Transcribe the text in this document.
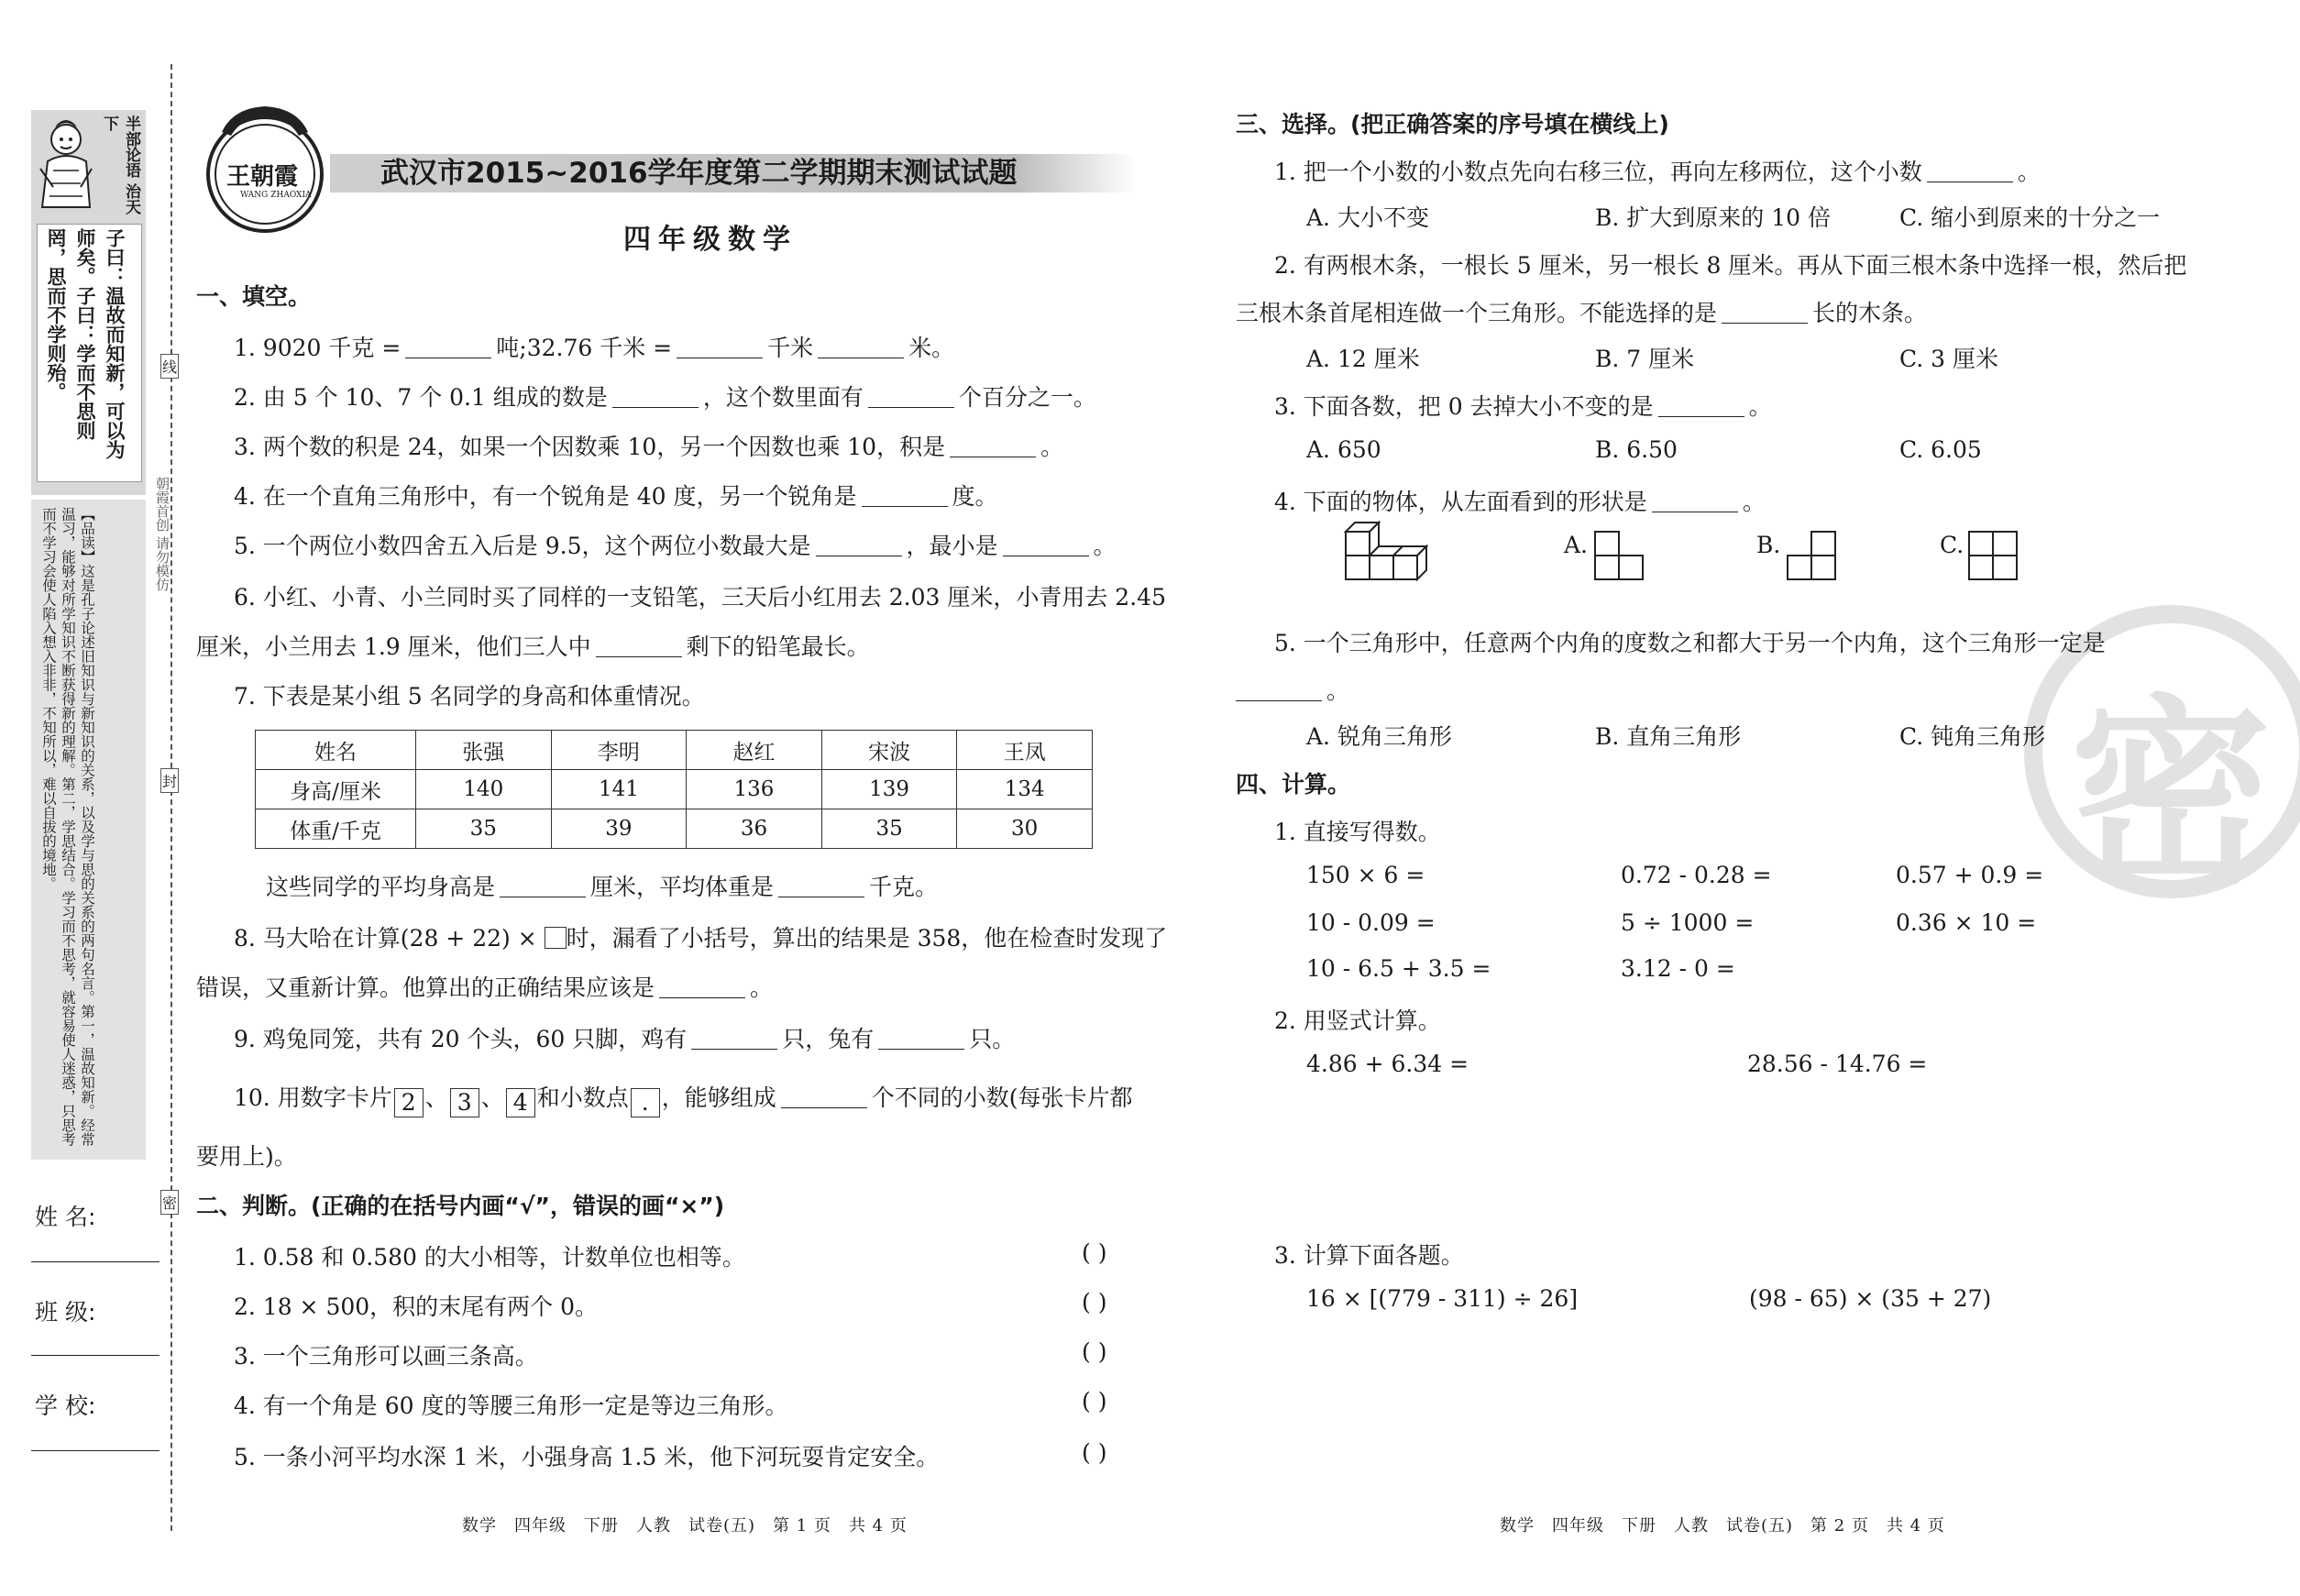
半部论语 治天下
子曰：温故而知新，可以为师矣。子曰：学而不思则罔，思而不学则殆。
【品读】这是孔子论述旧知识与新知识的关系，以及学与思的关系的两句名言。第一，温故知新。经常温习，能够对所学知识不断获得新的理解。第二，学思结合。学习而不思考，就容易使人迷惑，只思考而不学习会使人陷入想入非非，不知所以，难以自拔的境地。
姓 名:
班 级:
学 校:
线
封
密
朝霞首创 请勿模仿
王朝霞
WANG ZHAOXIA
武汉市2015~2016学年度第二学期期末测试试题
四年级数学
一、填空。
1. 9020 千克 =	吨;32.76 千米 =	千米	米。
2. 由 5 个 10、7 个 0.1 组成的数是	，这个数里面有	个百分之一。
3. 两个数的积是 24，如果一个因数乘 10，另一个因数也乘 10，积是	。
4. 在一个直角三角形中，有一个锐角是 40 度，另一个锐角是	度。
5. 一个两位小数四舍五入后是 9.5，这个两位小数最大是	，最小是	。
6. 小红、小青、小兰同时买了同样的一支铅笔，三天后小红用去 2.03 厘米，小青用去 2.45
厘米，小兰用去 1.9 厘米，他们三人中	剩下的铅笔最长。
7. 下表是某小组 5 名同学的身高和体重情况。
姓名	张强	李明	赵红	宋波	王凤
身高/厘米	140	141	136	139	134
体重/千克	35	39	36	35	30
这些同学的平均身高是	厘米，平均体重是	千克。
8. 马大哈在计算(28 + 22) × 时，漏看了小括号，算出的结果是 358，他在检查时发现了
错误，又重新计算。他算出的正确结果应该是	。
9. 鸡兔同笼，共有 20 个头，60 只脚，鸡有	只，兔有	只。
10. 用数字卡片 2 、 3 、 4 和小数点 . ，能够组成	个不同的小数(每张卡片都
要用上)。
二、判断。(正确的在括号内画“√”，错误的画“×”)
1. 0.58 和 0.580 的大小相等，计数单位也相等。	( )
2. 18 × 500，积的末尾有两个 0。	( )
3. 一个三角形可以画三条高。	( )
4. 有一个角是 60 度的等腰三角形一定是等边三角形。	( )
5. 一条小河平均水深 1 米，小强身高 1.5 米，他下河玩耍肯定安全。	( )
数学　四年级　下册　人教　试卷(五)　第 1 页　共 4 页
密
三、选择。(把正确答案的序号填在横线上)
1. 把一个小数的小数点先向右移三位，再向左移两位，这个小数	。
A. 大小不变	B. 扩大到原来的 10 倍	C. 缩小到原来的十分之一
2. 有两根木条，一根长 5 厘米，另一根长 8 厘米。再从下面三根木条中选择一根，然后把
三根木条首尾相连做一个三角形。不能选择的是	长的木条。
A. 12 厘米	B. 7 厘米	C. 3 厘米
3. 下面各数，把 0 去掉大小不变的是	。
A. 650	B. 6.50	C. 6.05
4. 下面的物体，从左面看到的形状是	。
A.	B.	C.
5. 一个三角形中，任意两个内角的度数之和都大于另一个内角，这个三角形一定是
。
A. 锐角三角形	B. 直角三角形	C. 钝角三角形
四、计算。
1. 直接写得数。
150 × 6 =	0.72 - 0.28 =	0.57 + 0.9 =
10 - 0.09 =	5 ÷ 1000 =	0.36 × 10 =
10 - 6.5 + 3.5 =	3.12 - 0 =
2. 用竖式计算。
4.86 + 6.34 =	28.56 - 14.76 =
3. 计算下面各题。
16 × [(779 - 311) ÷ 26]	(98 - 65) × (35 + 27)
数学　四年级　下册　人教　试卷(五)　第 2 页　共 4 页
